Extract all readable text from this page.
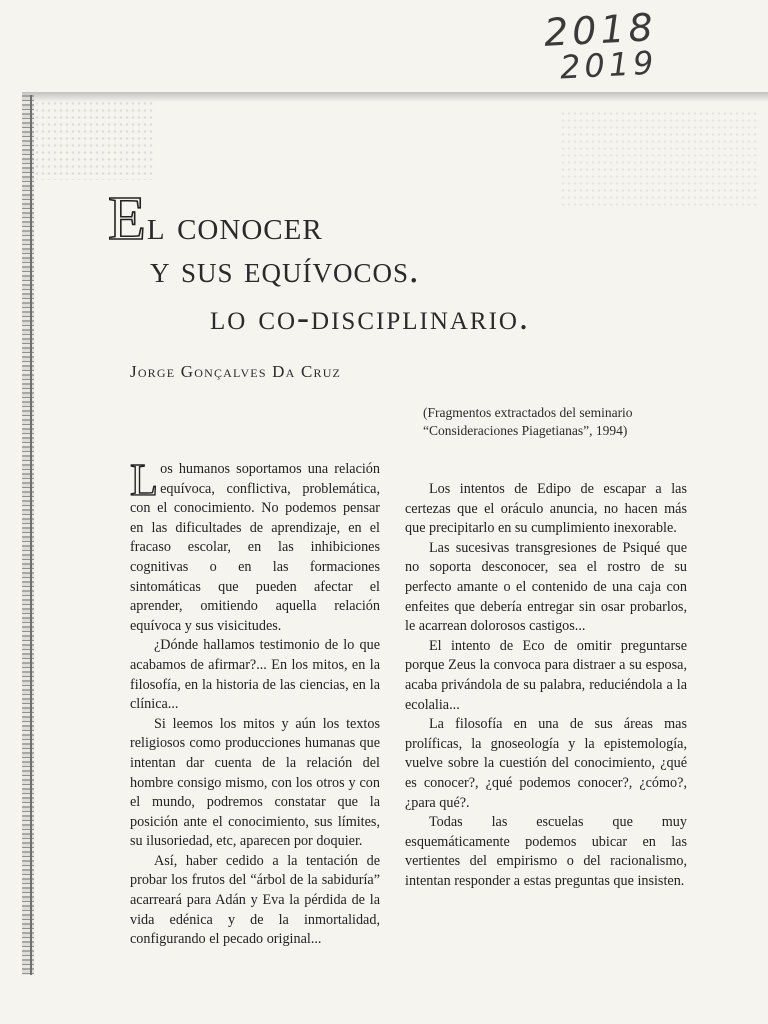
2018
2019
El conocer
y sus equívocos.
lo co-disciplinario.
Jorge Gonçalves Da Cruz
(Fragmentos extractados del seminario
“Consideraciones Piagetianas”, 1994)

Los humanos soportamos una relación equívoca, conflictiva, problemática, con el conocimiento. No podemos pensar en las dificultades de aprendizaje, en el fracaso escolar, en las inhibiciones cognitivas o en las formaciones sintomáticas que pueden afectar el aprender, omitiendo aquella relación equívoca y sus visicitudes.

¿Dónde hallamos testimonio de lo que acabamos de afirmar?... En los mitos, en la filosofía, en la historia de las ciencias, en la clínica...

Si leemos los mitos y aún los textos religiosos como producciones humanas que intentan dar cuenta de la relación del hombre consigo mismo, con los otros y con el mundo, podremos constatar que la posición ante el conocimiento, sus límites, su ilusoriedad, etc, aparecen por doquier.

Así, haber cedido a la tentación de probar los frutos del “árbol de la sabiduría” acarreará para Adán y Eva la pérdida de la vida edénica y de la inmortalidad, configurando el pecado original...

Los intentos de Edipo de escapar a las certezas que el oráculo anuncia, no hacen más que precipitarlo en su cumplimiento inexorable.

Las sucesivas transgresiones de Psiqué que no soporta desconocer, sea el rostro de su perfecto amante o el contenido de una caja con enfeites que debería entregar sin osar probarlos, le acarrean dolorosos castigos...

El intento de Eco de omitir preguntarse porque Zeus la convoca para distraer a su esposa, acaba privándola de su palabra, reduciéndola a la ecolalia...

La filosofía en una de sus áreas mas prolíficas, la gnoseología y la epistemología, vuelve sobre la cuestión del conocimiento, ¿qué es conocer?, ¿qué podemos conocer?, ¿cómo?, ¿para qué?.

Todas las escuelas que muy esquemáticamente podemos ubicar en las vertientes del empirismo o del racionalismo, intentan responder a estas preguntas que insisten.
